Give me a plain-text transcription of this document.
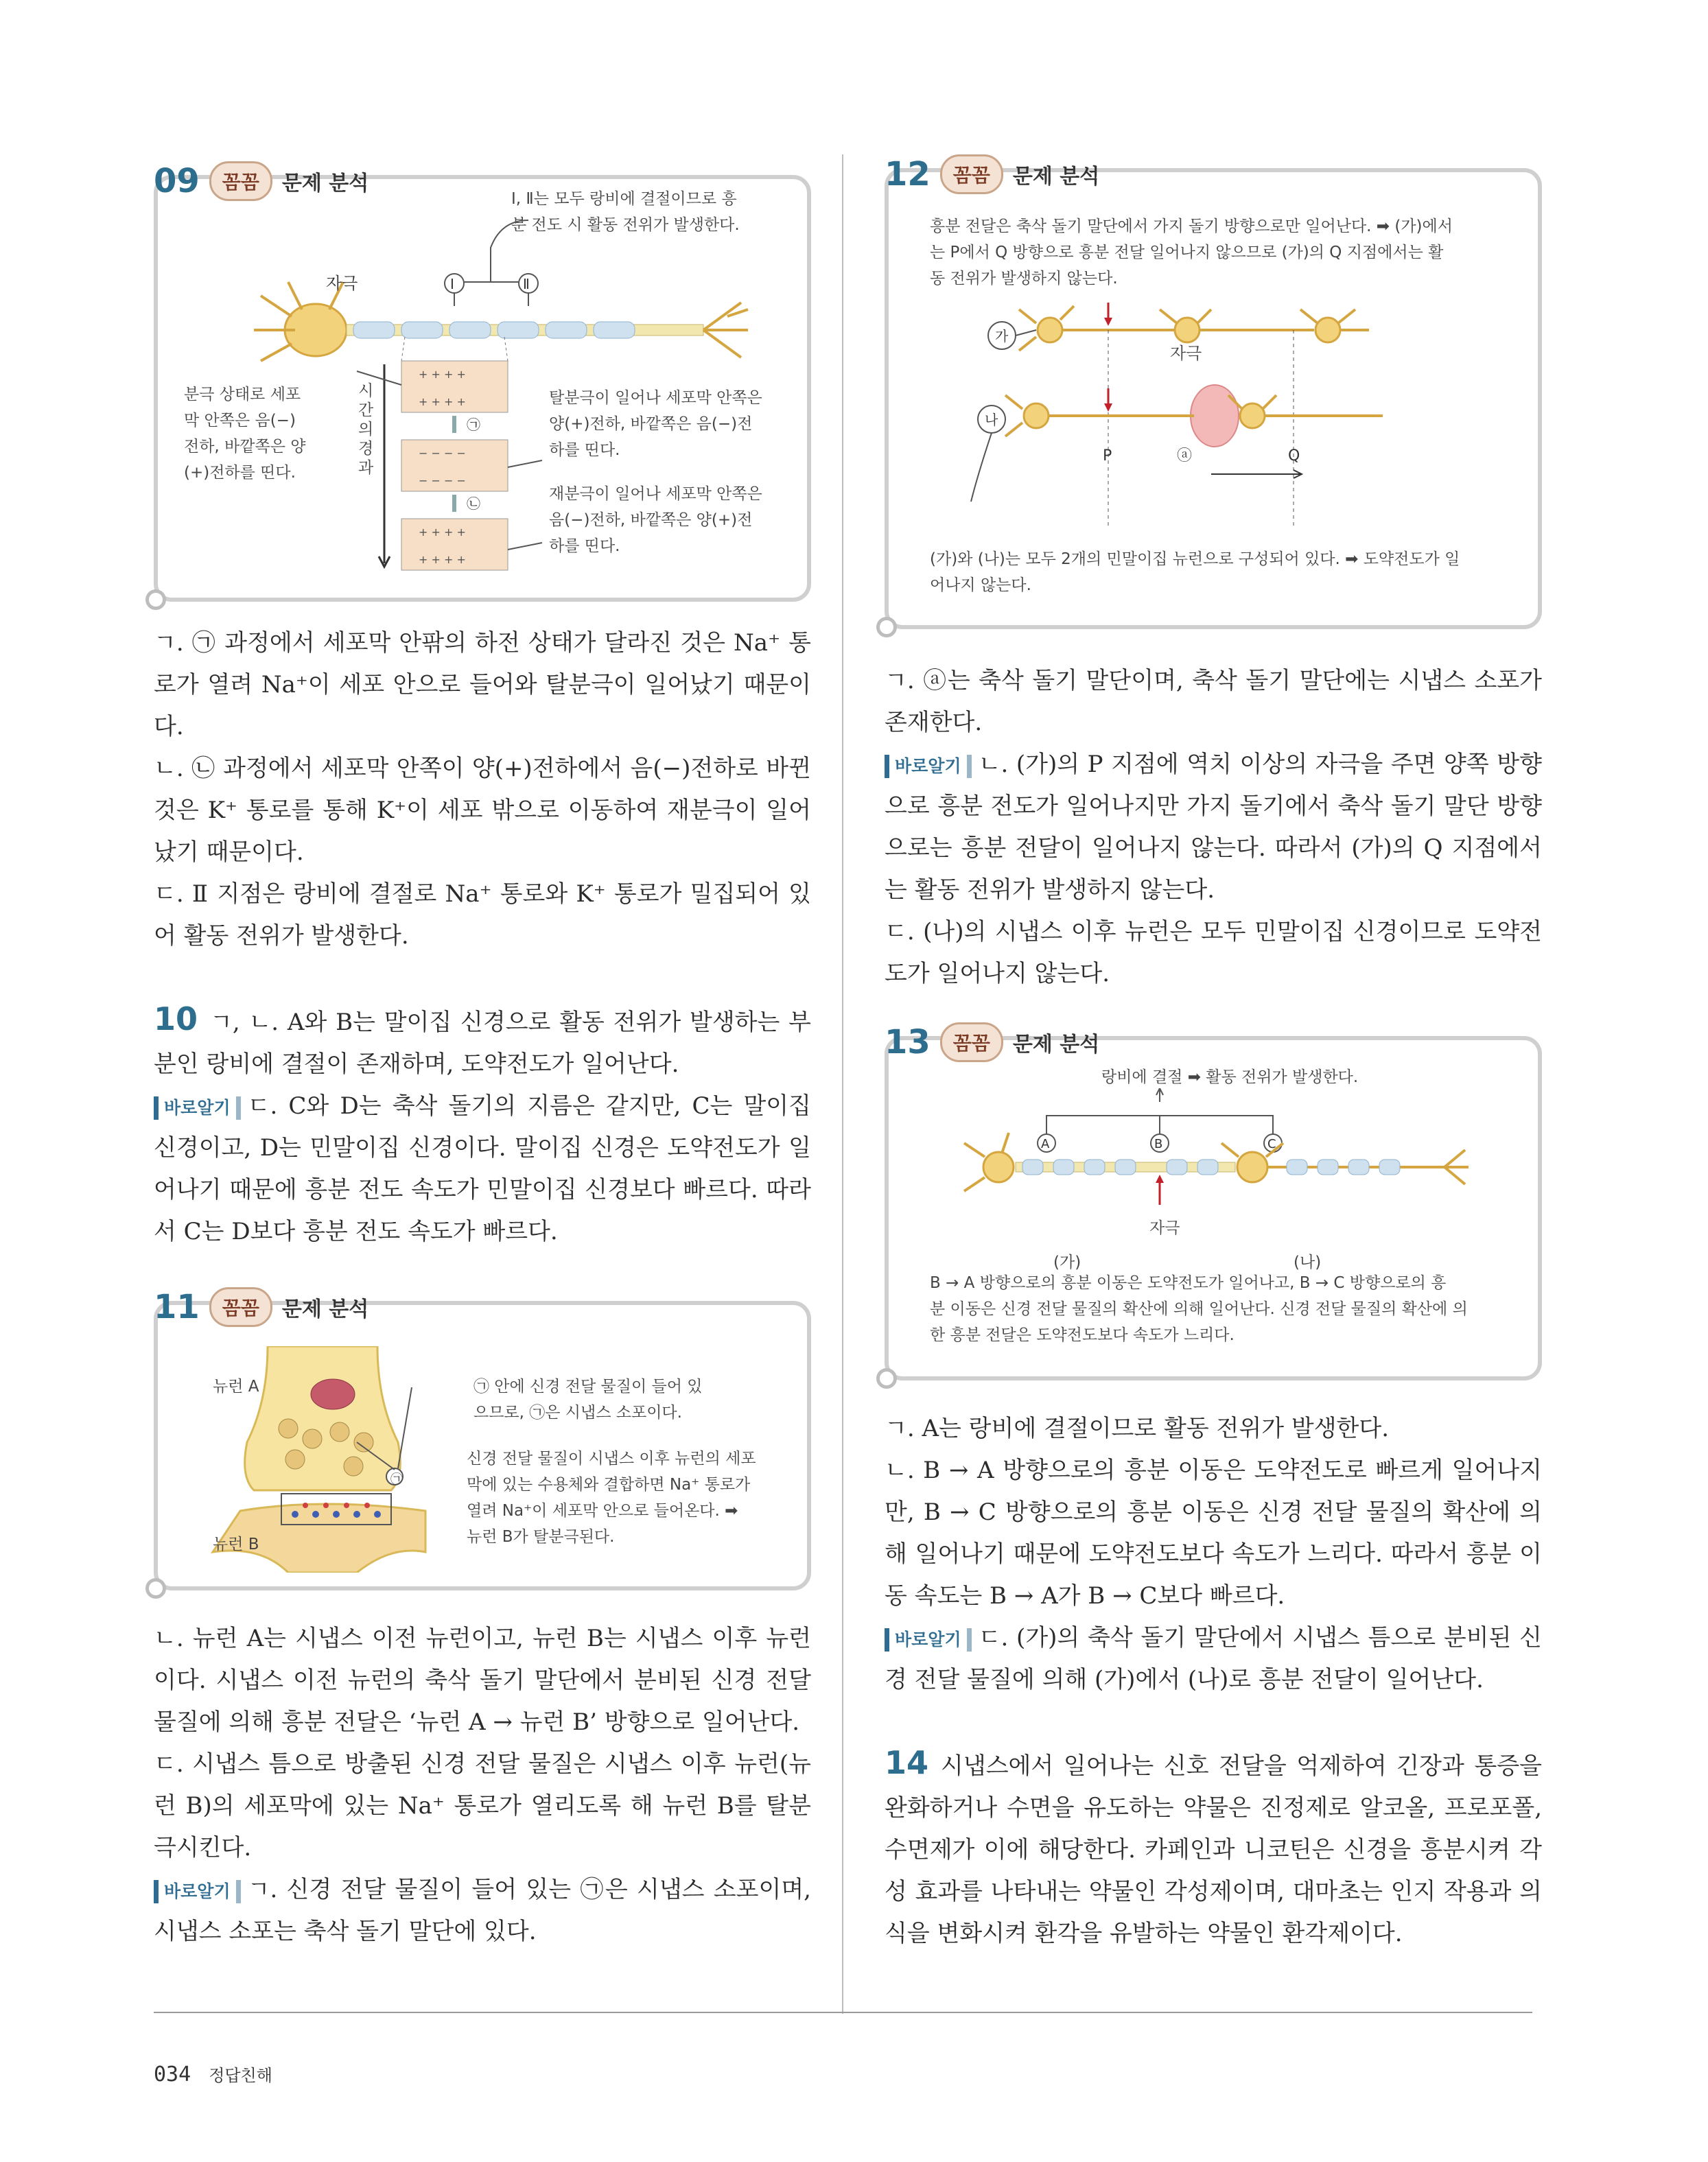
09	꼼꼼	문제 분석
Ⅰ, Ⅱ는 모두 랑비에 결절이므로 흥
분 전도 시 활동 전위가 발생한다.
자극	Ⅰ	Ⅱ
+ + + +
+ + + +
− − − −
− − − −
+ + + +
+ + + +
㉠
㉡
분극 상태로 세포
막 안쪽은 음(−)
전하, 바깥쪽은 양
(+)전하를 띤다.
시
간
의
경
과
탈분극이 일어나 세포막 안쪽은
양(+)전하, 바깥쪽은 음(−)전
하를 띤다.
재분극이 일어나 세포막 안쪽은
음(−)전하, 바깥쪽은 양(+)전
하를 띤다.

ㄱ. ㉠ 과정에서 세포막 안팎의 하전 상태가 달라진 것은 Na⁺ 통로가 열려 Na⁺이 세포 안으로 들어와 탈분극이 일어났기 때문이다.

ㄴ. ㉡ 과정에서 세포막 안쪽이 양(+)전하에서 음(−)전하로 바뀐 것은 K⁺ 통로를 통해 K⁺이 세포 밖으로 이동하여 재분극이 일어났기 때문이다.

ㄷ. Ⅱ 지점은 랑비에 결절로 Na⁺ 통로와 K⁺ 통로가 밀집되어 있어 활동 전위가 발생한다.

10 ㄱ, ㄴ. A와 B는 말이집 신경으로 활동 전위가 발생하는 부분인 랑비에 결절이 존재하며, 도약전도가 일어난다.

바로알기 ㄷ. C와 D는 축삭 돌기의 지름은 같지만, C는 말이집 신경이고, D는 민말이집 신경이다. 말이집 신경은 도약전도가 일어나기 때문에 흥분 전도 속도가 민말이집 신경보다 빠르다. 따라서 C는 D보다 흥분 전도 속도가 빠르다.

11	꼼꼼	문제 분석
뉴런 A
뉴런 B
㉠
㉠ 안에 신경 전달 물질이 들어 있
으므로, ㉠은 시냅스 소포이다.
신경 전달 물질이 시냅스 이후 뉴런의 세포
막에 있는 수용체와 결합하면 Na⁺ 통로가
열려 Na⁺이 세포막 안으로 들어온다. ➡
뉴런 B가 탈분극된다.

ㄴ. 뉴런 A는 시냅스 이전 뉴런이고, 뉴런 B는 시냅스 이후 뉴런이다. 시냅스 이전 뉴런의 축삭 돌기 말단에서 분비된 신경 전달 물질에 의해 흥분 전달은 ‘뉴런 A → 뉴런 B’ 방향으로 일어난다.

ㄷ. 시냅스 틈으로 방출된 신경 전달 물질은 시냅스 이후 뉴런(뉴런 B)의 세포막에 있는 Na⁺ 통로가 열리도록 해 뉴런 B를 탈분극시킨다.

바로알기 ㄱ. 신경 전달 물질이 들어 있는 ㉠은 시냅스 소포이며, 시냅스 소포는 축삭 돌기 말단에 있다.

12	꼼꼼	문제 분석
흥분 전달은 축삭 돌기 말단에서 가지 돌기 방향으로만 일어난다. ➡ (가)에서
는 P에서 Q 방향으로 흥분 전달 일어나지 않으므로 (가)의 Q 지점에서는 활
동 전위가 발생하지 않는다.
가
나
P	ⓐ	Q
자극
(가)와 (나)는 모두 2개의 민말이집 뉴런으로 구성되어 있다. ➡ 도약전도가 일
어나지 않는다.

ㄱ. ⓐ는 축삭 돌기 말단이며, 축삭 돌기 말단에는 시냅스 소포가 존재한다.

바로알기 ㄴ. (가)의 P 지점에 역치 이상의 자극을 주면 양쪽 방향으로 흥분 전도가 일어나지만 가지 돌기에서 축삭 돌기 말단 방향으로는 흥분 전달이 일어나지 않는다. 따라서 (가)의 Q 지점에서는 활동 전위가 발생하지 않는다.

ㄷ. (나)의 시냅스 이후 뉴런은 모두 민말이집 신경이므로 도약전도가 일어나지 않는다.

13	꼼꼼	문제 분석
랑비에 결절 ➡ 활동 전위가 발생한다.
A	B	C
자극
(가)	(나)
B → A 방향으로의 흥분 이동은 도약전도가 일어나고, B → C 방향으로의 흥
분 이동은 신경 전달 물질의 확산에 의해 일어난다. 신경 전달 물질의 확산에 의
한 흥분 전달은 도약전도보다 속도가 느리다.

ㄱ. A는 랑비에 결절이므로 활동 전위가 발생한다.

ㄴ. B → A 방향으로의 흥분 이동은 도약전도로 빠르게 일어나지만, B → C 방향으로의 흥분 이동은 신경 전달 물질의 확산에 의해 일어나기 때문에 도약전도보다 속도가 느리다. 따라서 흥분 이동 속도는 B → A가 B → C보다 빠르다.

바로알기 ㄷ. (가)의 축삭 돌기 말단에서 시냅스 틈으로 분비된 신경 전달 물질에 의해 (가)에서 (나)로 흥분 전달이 일어난다.

14 시냅스에서 일어나는 신호 전달을 억제하여 긴장과 통증을 완화하거나 수면을 유도하는 약물은 진정제로 알코올, 프로포폴, 수면제가 이에 해당한다. 카페인과 니코틴은 신경을 흥분시켜 각성 효과를 나타내는 약물인 각성제이며, 대마초는 인지 작용과 의식을 변화시켜 환각을 유발하는 약물인 환각제이다.

034 정답친해
